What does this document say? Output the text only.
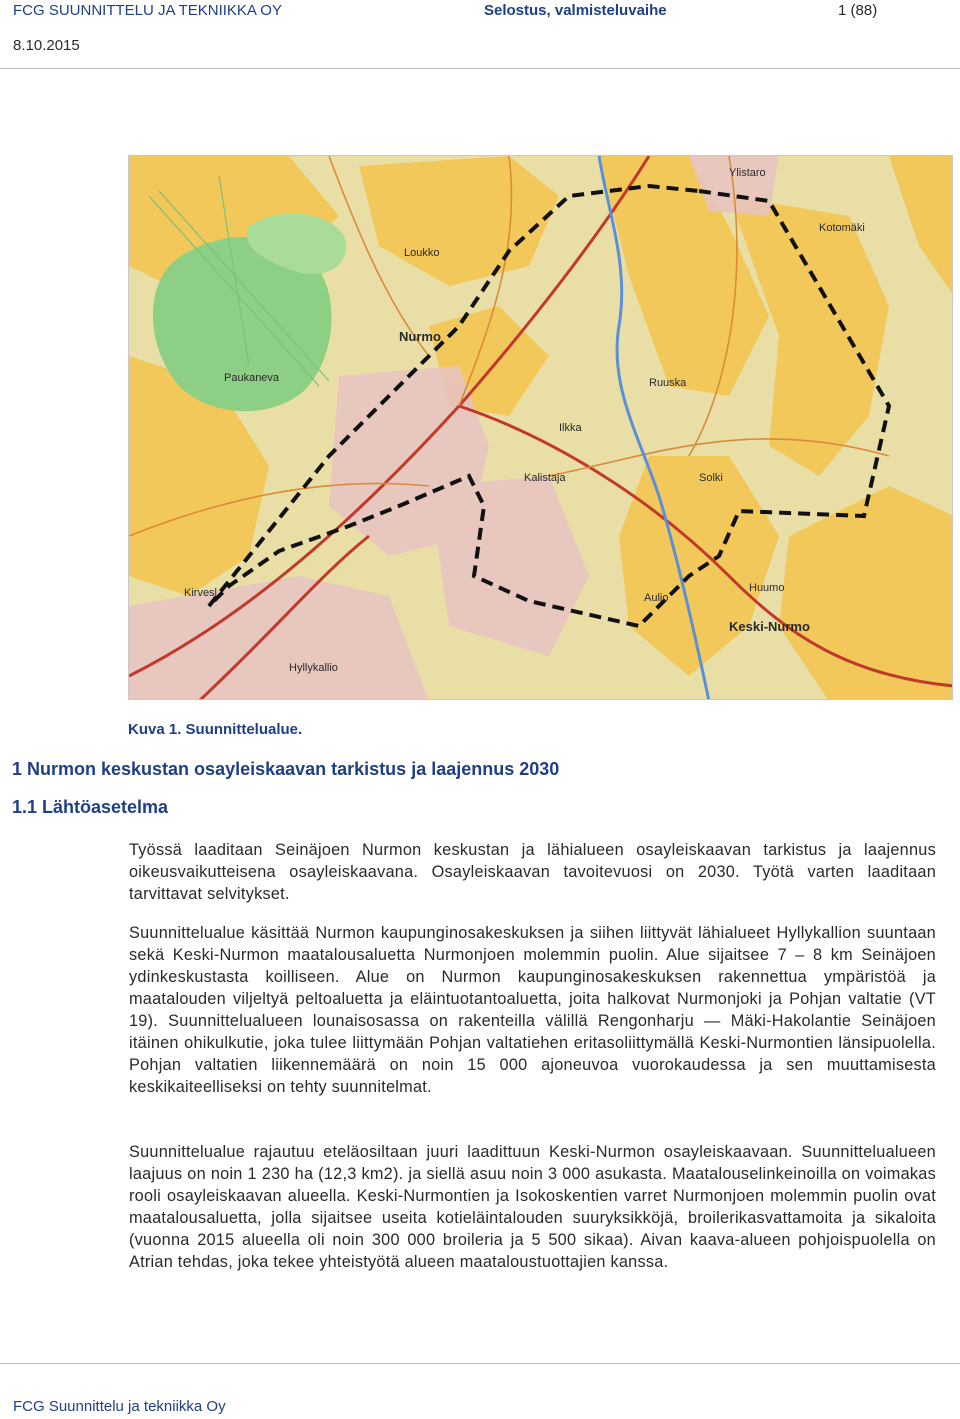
FCG SUUNNITTELU JA TEKNIIKKA OY	Selostus, valmisteluvaihe	1 (88)
8.10.2015
Nurmo
Paukaneva
Loukko
Kalistaja	Solki
Keski-Nurmo
Hyllykallio
Kotomäki
Huumo
Aulio
Ruuska
Kirvesl
Ilkka
Ylistaro
Kuva 1. Suunnittelualue.
1 Nurmon keskustan osayleiskaavan tarkistus ja laajennus 2030
1.1 Lähtöasetelma

Työssä laaditaan Seinäjoen Nurmon keskustan ja lähialueen osayleiskaavan tarkistus ja laajennus oikeusvaikutteisena osayleiskaavana. Osayleiskaavan tavoitevuosi on 2030. Työtä varten laaditaan tarvittavat selvitykset.

Suunnittelualue käsittää Nurmon kaupunginosakeskuksen ja siihen liittyvät lähialueet Hyllykallion suuntaan sekä Keski-Nurmon maatalousaluetta Nurmonjoen molemmin puolin. Alue sijaitsee 7 – 8 km Seinäjoen ydinkeskustasta koilliseen. Alue on Nurmon kaupunginosakeskuksen rakennettua ympäristöä ja maatalouden viljeltyä peltoaluetta ja eläintuotantoaluetta, joita halkovat Nurmonjoki ja Pohjan valtatie (VT 19). Suunnittelualueen lounaisosassa on rakenteilla välillä Rengonharju — Mäki-Hakolantie Seinäjoen itäinen ohikulkutie, joka tulee liittymään Pohjan valtatiehen eritasoliittymällä Keski-Nurmontien länsipuolella. Pohjan valtatien liikennemäärä on noin 15 000 ajoneuvoa vuorokaudessa ja sen muuttamisesta keskikaiteelliseksi on tehty suunnitelmat.

Suunnittelualue rajautuu eteläosiltaan juuri laadittuun Keski-Nurmon osayleiskaavaan. Suunnittelualueen laajuus on noin 1 230 ha (12,3 km2). ja siellä asuu noin 3 000 asukasta. Maatalouselinkeinoilla on voimakas rooli osayleiskaavan alueella. Keski-Nurmontien ja Isokoskentien varret Nurmonjoen molemmin puolin ovat maatalousaluetta, jolla sijaitsee useita kotieläintalouden suuryksikköjä, broilerikasvattamoita ja sikaloita (vuonna 2015 alueella oli noin 300 000 broileria ja 5 500 sikaa). Aivan kaava-alueen pohjoispuolella on Atrian tehdas, joka tekee yhteistyötä alueen maataloustuottajien kanssa.

FCG Suunnittelu ja tekniikka Oy
